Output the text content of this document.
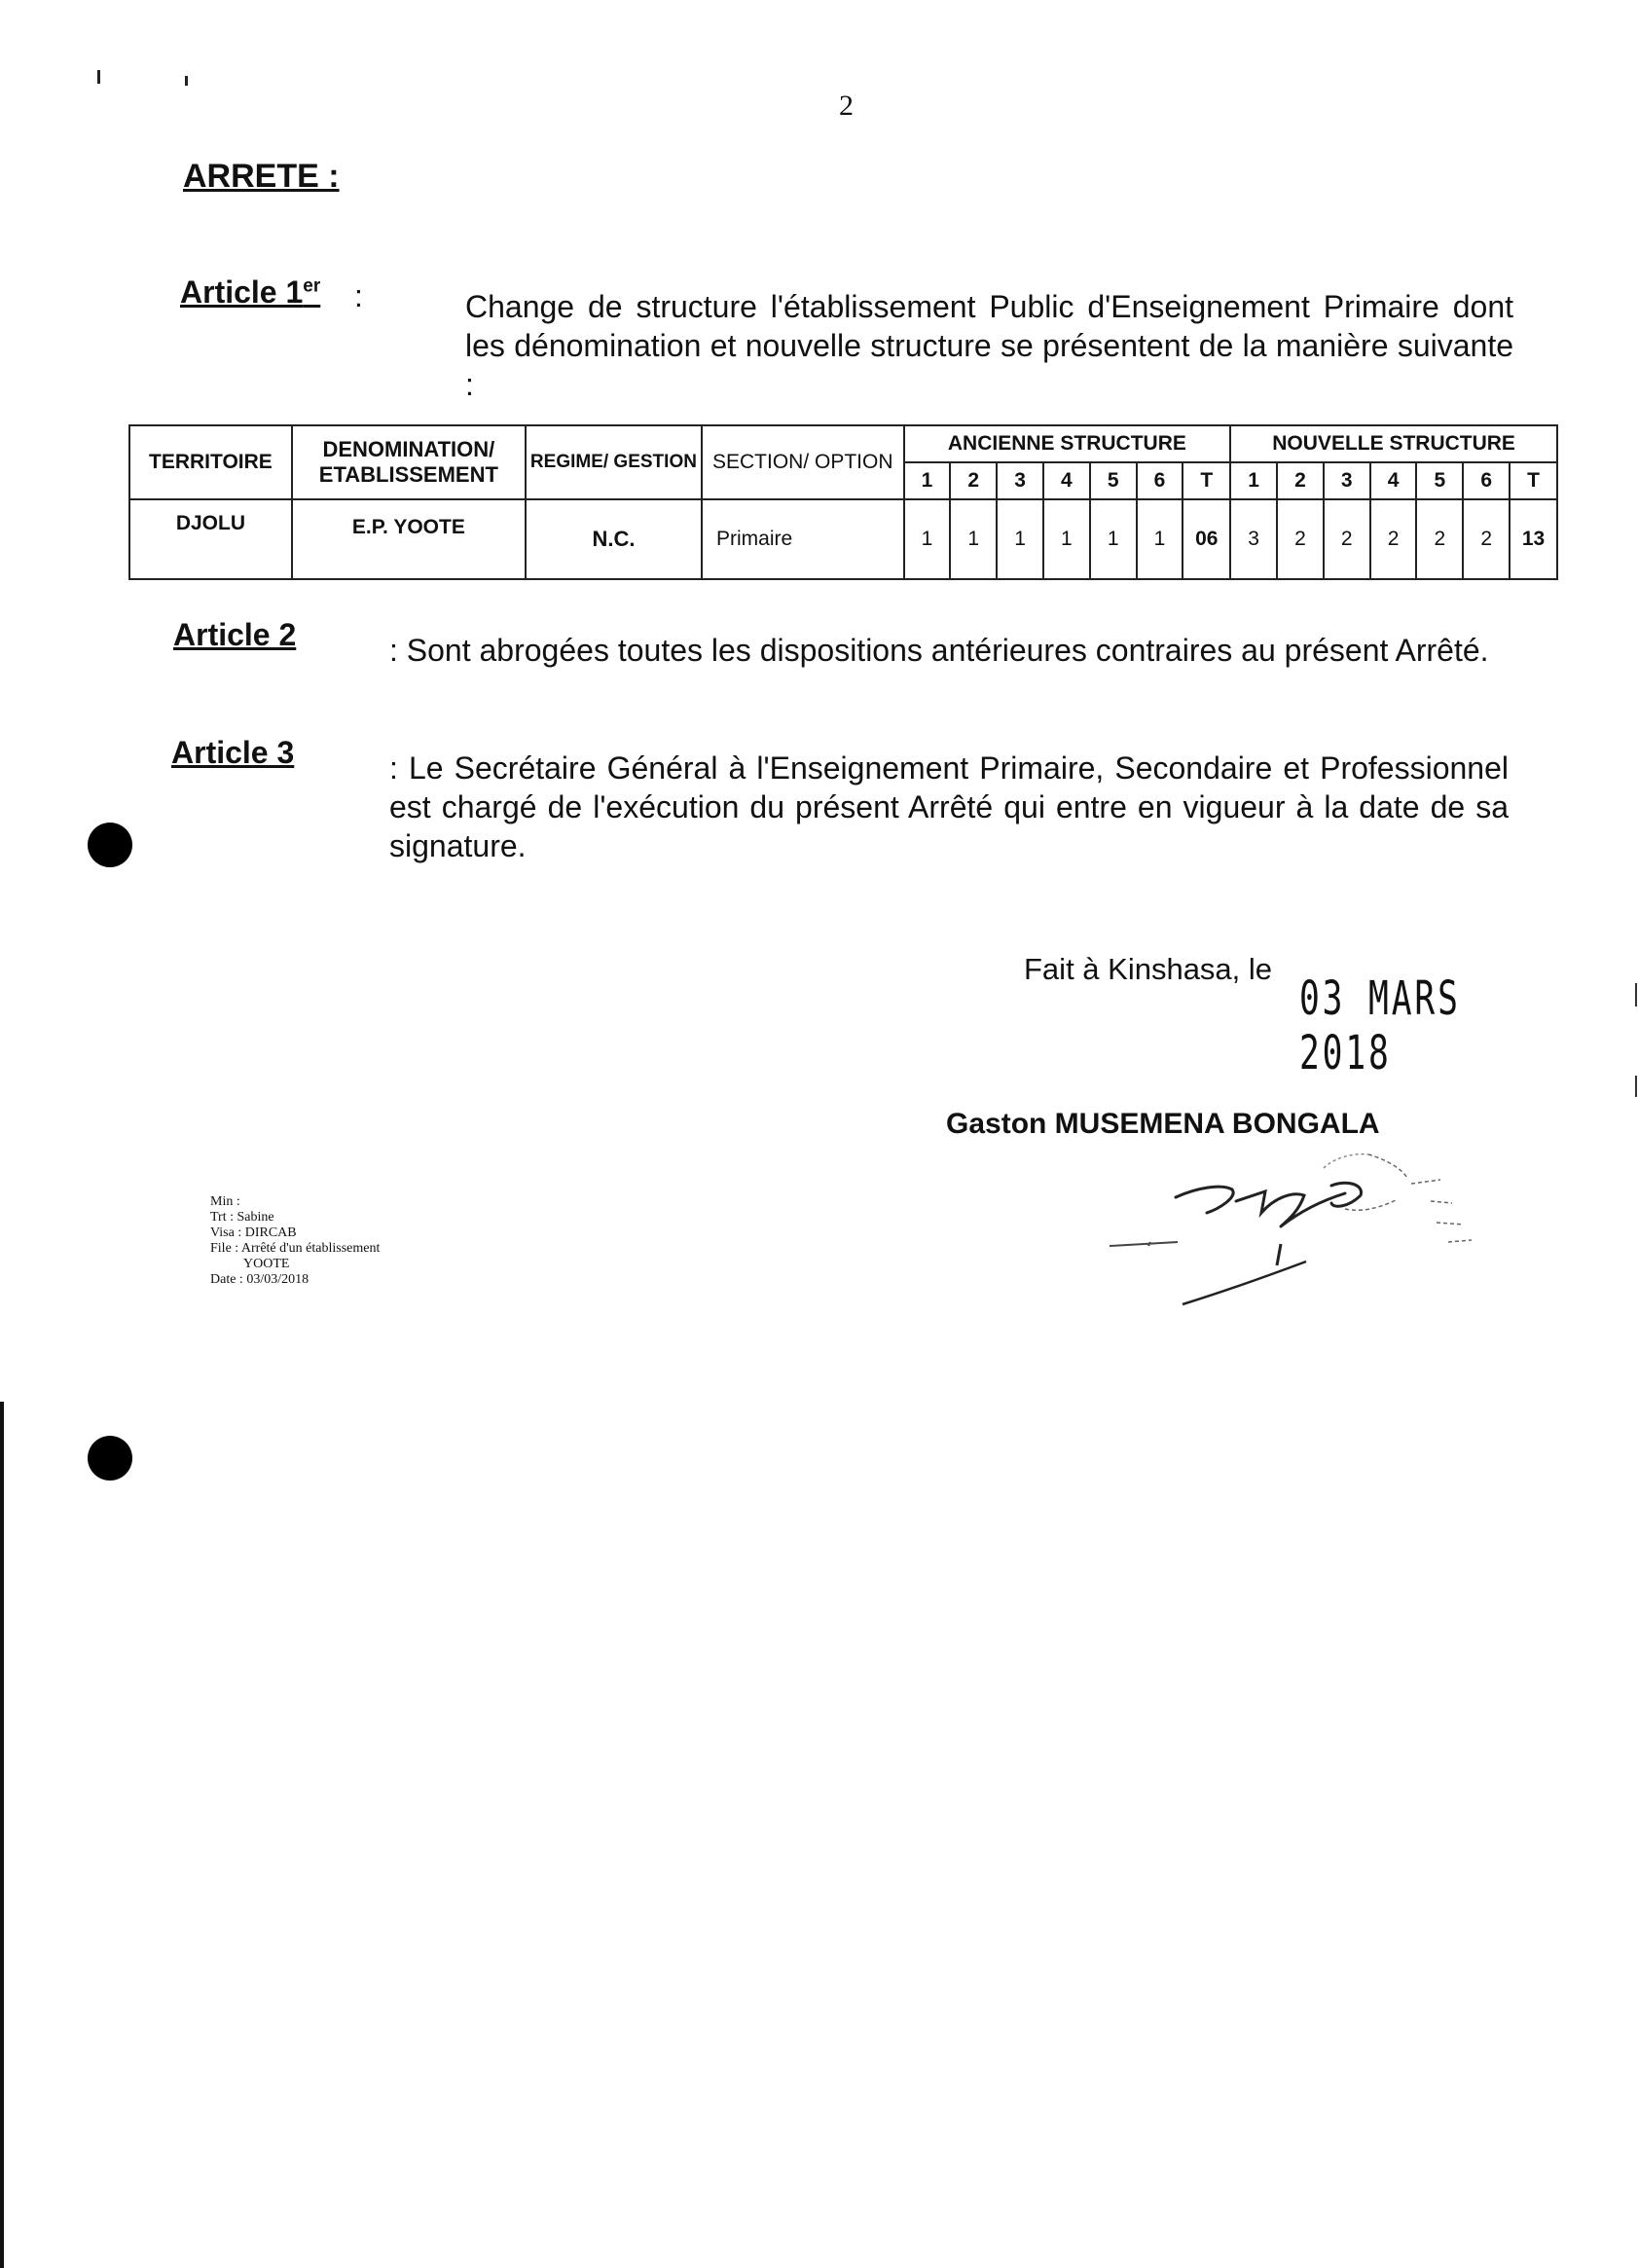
2
ARRETE :
Article 1er :	Change de structure l'établissement Public d'Enseignement Primaire dont les dénomination et nouvelle structure se présentent de la manière suivante :
TERRITOIRE	DENOMINATION/ ETABLISSEMENT	REGIME/ GESTION	SECTION/ OPTION	ANCIENNE STRUCTURE							NOUVELLE STRUCTURE						
				1	2	3	4	5	6	T	1	2	3	4	5	6	T
DJOLU	E.P. YOOTE	N.C.	Primaire	1	1	1	1	1	1	06	3	2	2	2	2	2	13
Article 2	: Sont abrogées toutes les dispositions antérieures contraires au présent Arrêté.
Article 3	: Le Secrétaire Général à l'Enseignement Primaire, Secondaire et Professionnel est chargé de l'exécution du présent Arrêté qui entre en vigueur à la date de sa signature.
Fait à Kinshasa, le
03 MARS 2018
Gaston MUSEMENA BONGALA
Min :
Trt : Sabine
Visa : DIRCAB
File : Arrêté d'un établissement
YOOTE
Date : 03/03/2018
